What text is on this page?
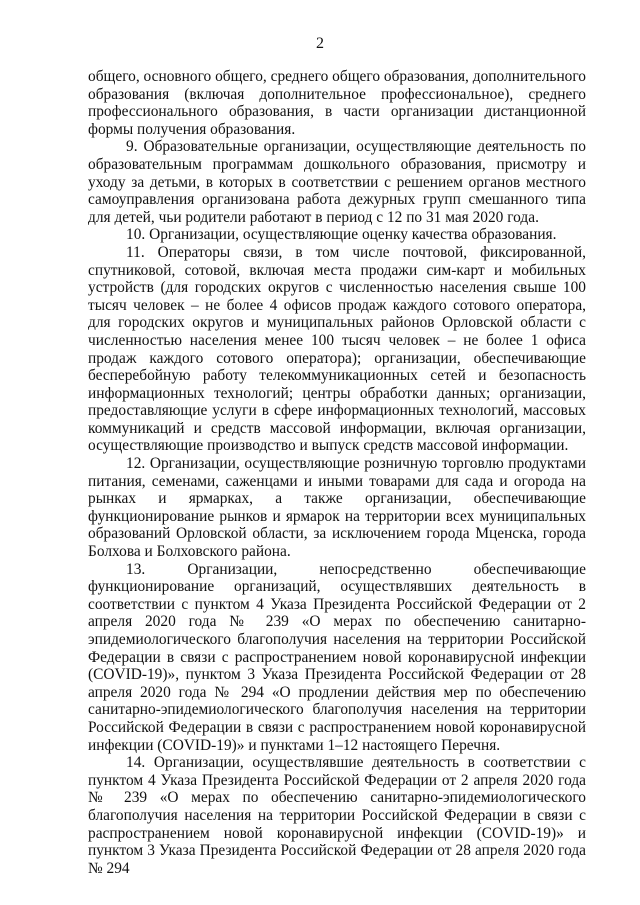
2

общего, основного общего, среднего общего образования, дополнительного образования (включая дополнительное профессиональное), среднего профессионального образования, в части организации дистанционной формы получения образования.

9. Образовательные организации, осуществляющие деятельность по образовательным программам дошкольного образования, присмотру и уходу за детьми, в которых в соответствии с решением органов местного самоуправления организована работа дежурных групп смешанного типа для детей, чьи родители работают в период с 12 по 31 мая 2020 года.

10. Организации, осуществляющие оценку качества образования.

11. Операторы связи, в том числе почтовой, фиксированной, спутниковой, сотовой, включая места продажи сим-карт и мобильных устройств (для городских округов с численностью населения свыше 100 тысяч человек – не более 4 офисов продаж каждого сотового оператора, для городских округов и муниципальных районов Орловской области с численностью населения менее 100 тысяч человек – не более 1 офиса продаж каждого сотового оператора); организации, обеспечивающие бесперебойную работу телекоммуникационных сетей и безопасность информационных технологий; центры обработки данных; организации, предоставляющие услуги в сфере информационных технологий, массовых коммуникаций и средств массовой информации, включая организации, осуществляющие производство и выпуск средств массовой информации.

12. Организации, осуществляющие розничную торговлю продуктами питания, семенами, саженцами и иными товарами для сада и огорода на рынках и ярмарках, а также организации, обеспечивающие функционирование рынков и ярмарок на территории всех муниципальных образований Орловской области, за исключением города Мценска, города Болхова и Болховского района.

13. Организации, непосредственно обеспечивающие функционирование организаций, осуществлявших деятельность в соответствии с пунктом 4 Указа Президента Российской Федерации от 2 апреля 2020 года № 239 «О мерах по обеспечению санитарно-эпидемиологического благополучия населения на территории Российской Федерации в связи с распространением новой коронавирусной инфекции (COVID-19)», пунктом 3 Указа Президента Российской Федерации от 28 апреля 2020 года № 294 «О продлении действия мер по обеспечению санитарно-эпидемиологического благополучия населения на территории Российской Федерации в связи с распространением новой коронавирусной инфекции (COVID-19)» и пунктами 1–12 настоящего Перечня.

14. Организации, осуществлявшие деятельность в соответствии с пунктом 4 Указа Президента Российской Федерации от 2 апреля 2020 года № 239 «О мерах по обеспечению санитарно-эпидемиологического благополучия населения на территории Российской Федерации в связи с распространением новой коронавирусной инфекции (COVID-19)» и пунктом 3 Указа Президента Российской Федерации от 28 апреля 2020 года № 294
